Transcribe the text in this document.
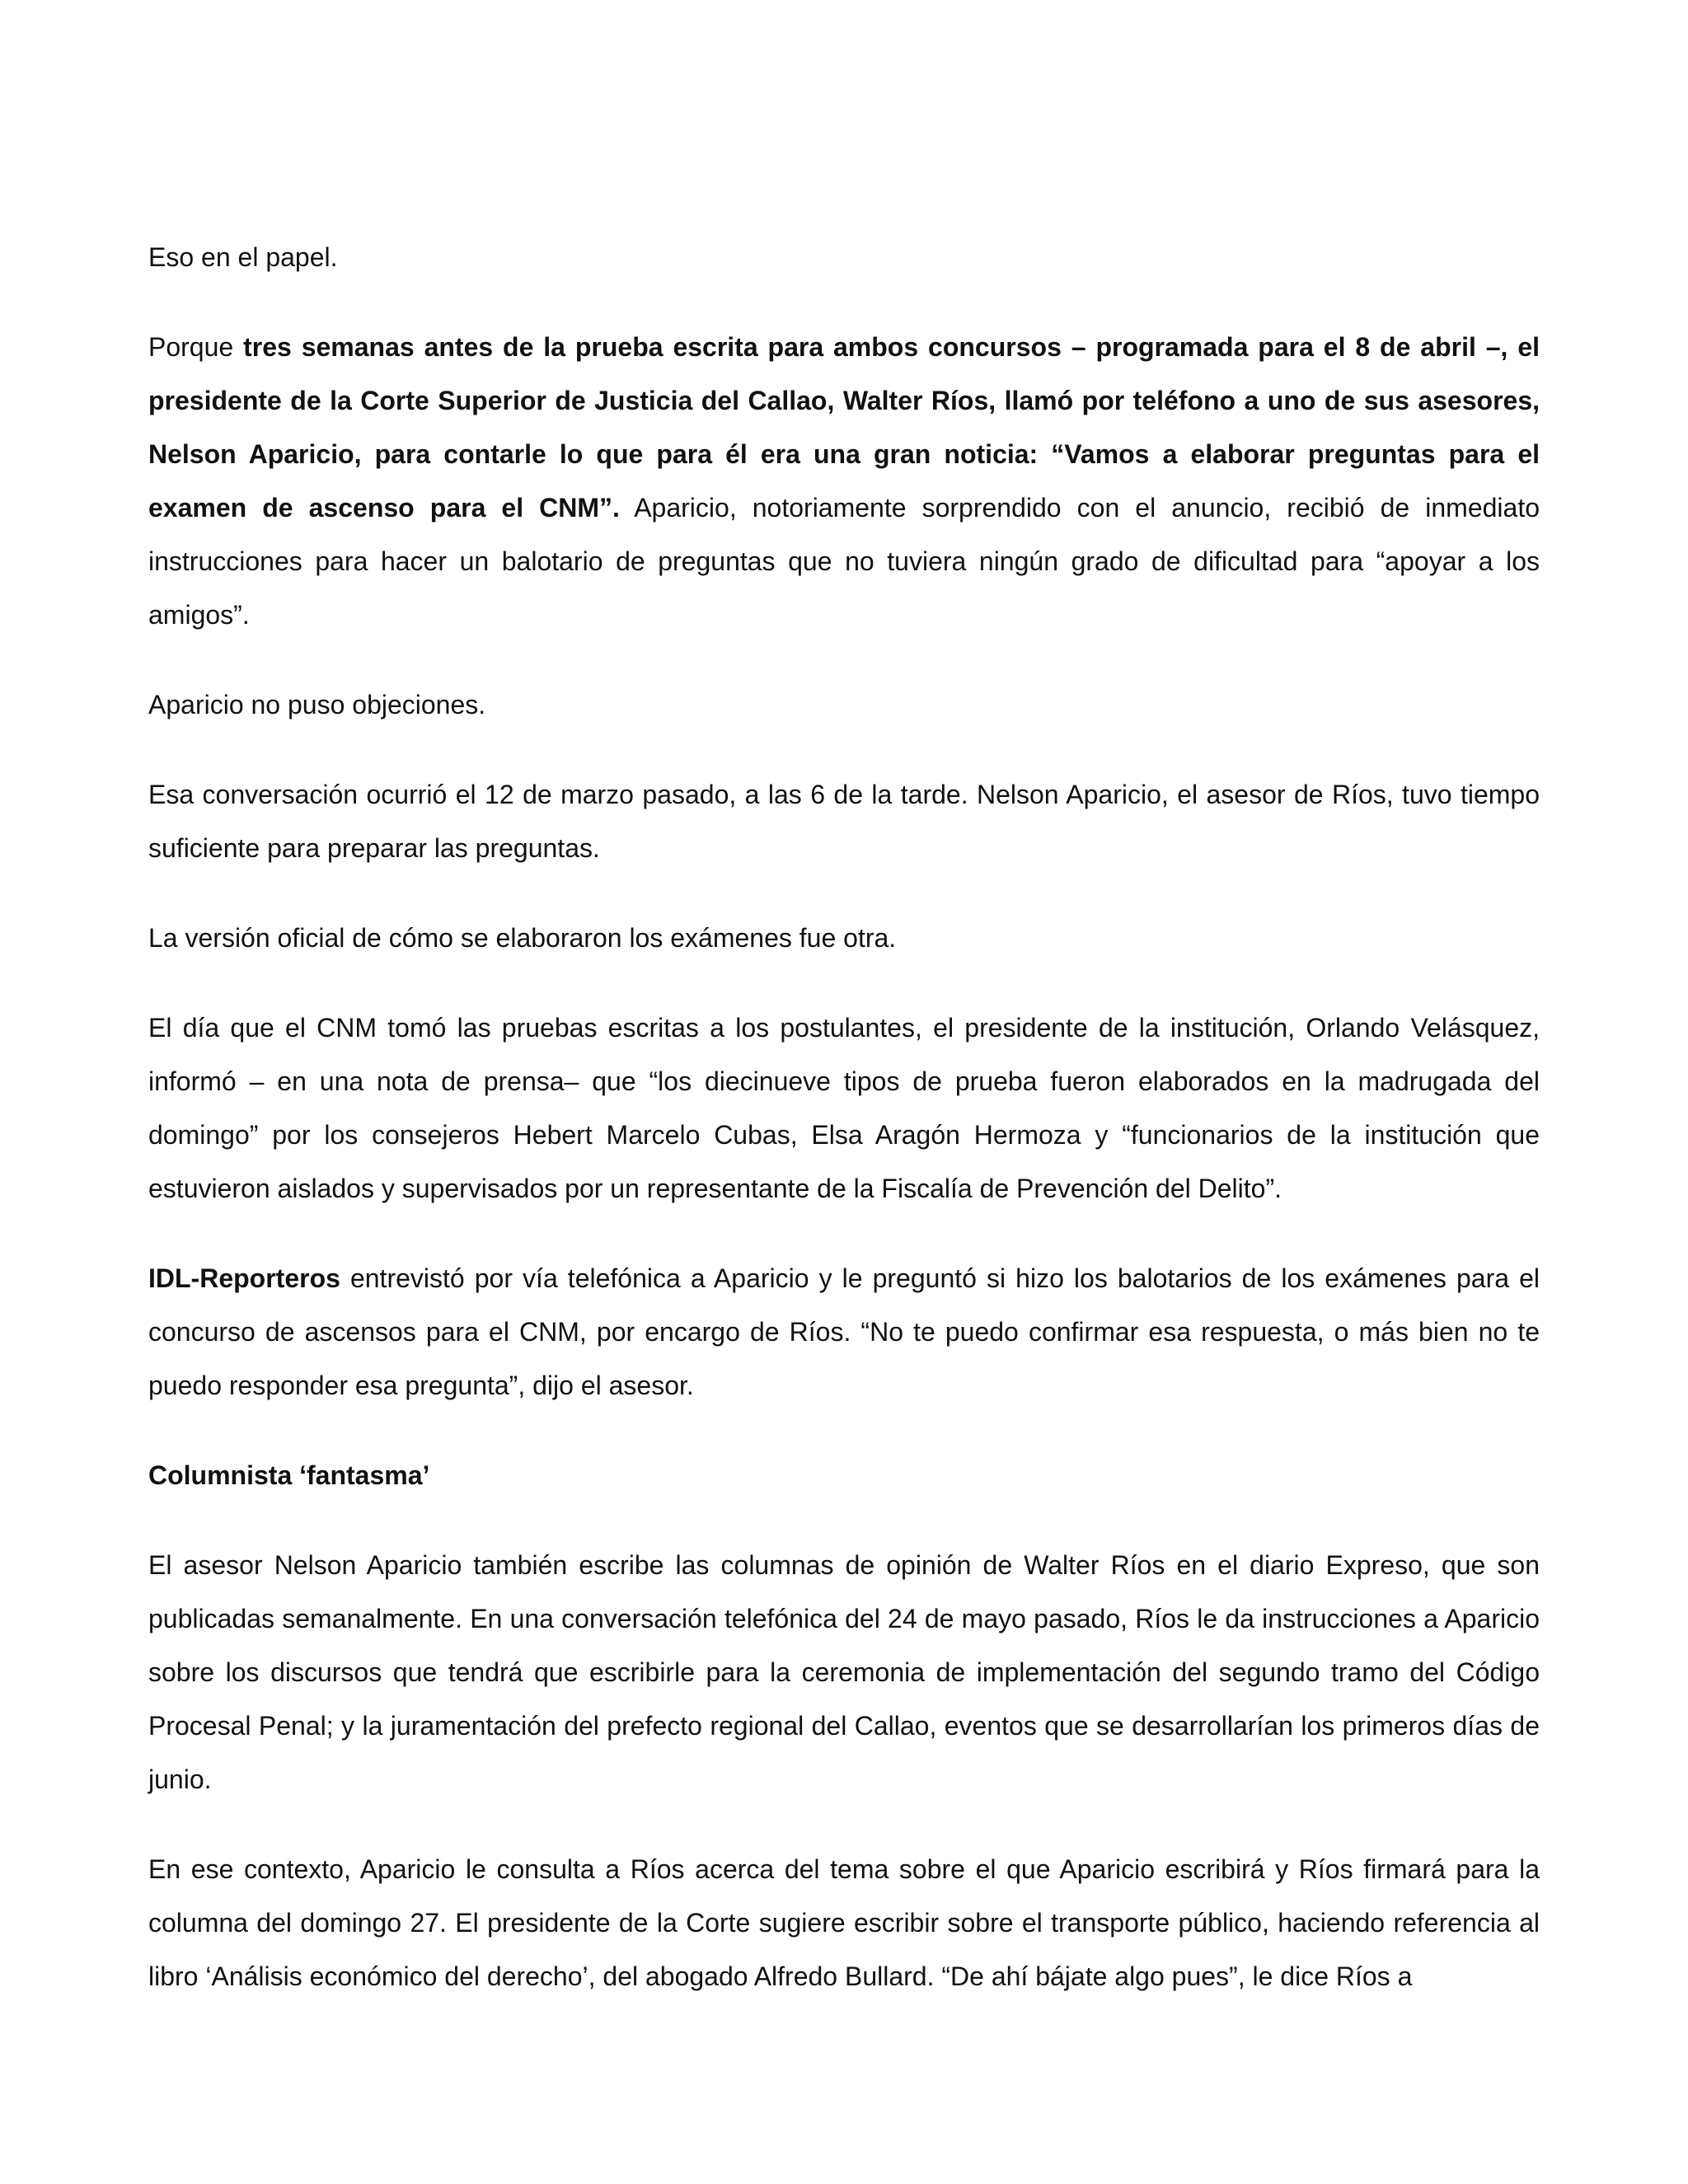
Eso en el papel.

Porque tres semanas antes de la prueba escrita para ambos concursos – programada para el 8 de abril –, el presidente de la Corte Superior de Justicia del Callao, Walter Ríos, llamó por teléfono a uno de sus asesores, Nelson Aparicio, para contarle lo que para él era una gran noticia: “Vamos a elaborar preguntas para el examen de ascenso para el CNM”. Aparicio, notoriamente sorprendido con el anuncio, recibió de inmediato instrucciones para hacer un balotario de preguntas que no tuviera ningún grado de dificultad para “apoyar a los amigos”.

Aparicio no puso objeciones.

Esa conversación ocurrió el 12 de marzo pasado, a las 6 de la tarde. Nelson Aparicio, el asesor de Ríos, tuvo tiempo suficiente para preparar las preguntas.

La versión oficial de cómo se elaboraron los exámenes fue otra.

El día que el CNM tomó las pruebas escritas a los postulantes, el presidente de la institución, Orlando Velásquez, informó – en una nota de prensa– que “los diecinueve tipos de prueba fueron elaborados en la madrugada del domingo” por los consejeros Hebert Marcelo Cubas, Elsa Aragón Hermoza y “funcionarios de la institución que estuvieron aislados y supervisados por un representante de la Fiscalía de Prevención del Delito”.

IDL-Reporteros entrevistó por vía telefónica a Aparicio y le preguntó si hizo los balotarios de los exámenes para el concurso de ascensos para el CNM, por encargo de Ríos. “No te puedo confirmar esa respuesta, o más bien no te puedo responder esa pregunta”, dijo el asesor.

Columnista ‘fantasma’

El asesor Nelson Aparicio también escribe las columnas de opinión de Walter Ríos en el diario Expreso, que son publicadas semanalmente. En una conversación telefónica del 24 de mayo pasado, Ríos le da instrucciones a Aparicio sobre los discursos que tendrá que escribirle para la ceremonia de implementación del segundo tramo del Código Procesal Penal; y la juramentación del prefecto regional del Callao, eventos que se desarrollarían los primeros días de junio.

En ese contexto, Aparicio le consulta a Ríos acerca del tema sobre el que Aparicio escribirá y Ríos firmará para la columna del domingo 27. El presidente de la Corte sugiere escribir sobre el transporte público, haciendo referencia al libro ‘Análisis económico del derecho’, del abogado Alfredo Bullard. “De ahí bájate algo pues”, le dice Ríos a
